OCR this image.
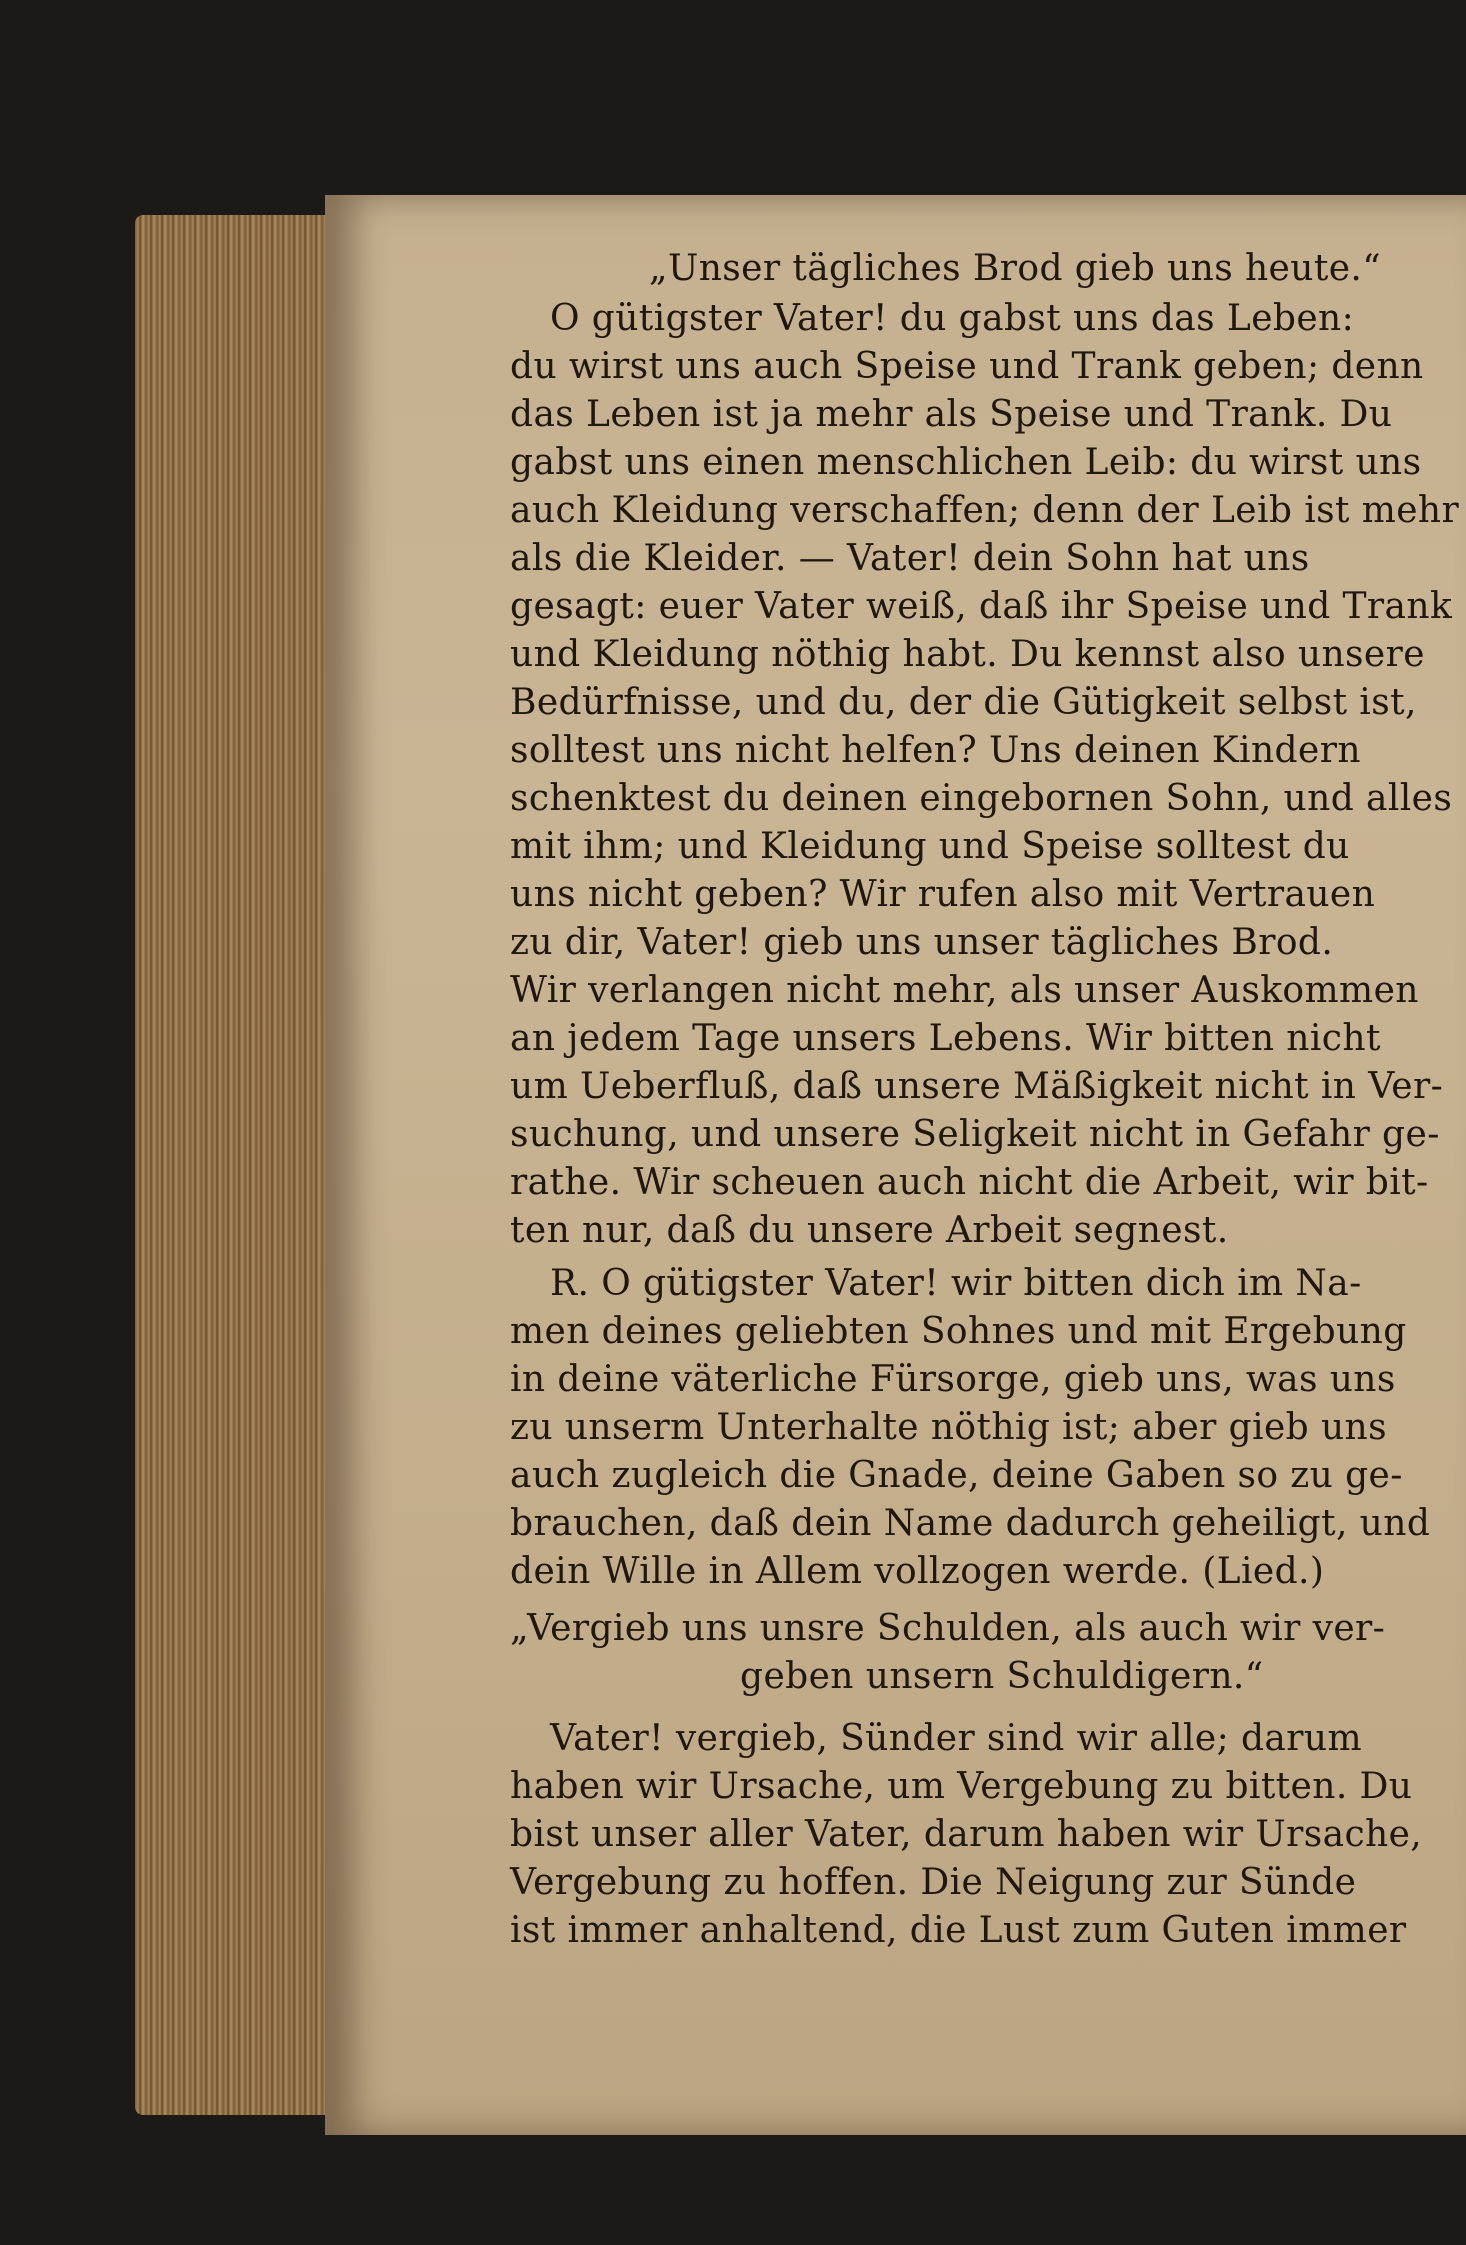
„Unser tägliches Brod gieb uns heute.“
O gütigster Vater! du gabst uns das Leben:
du wirst uns auch Speise und Trank geben; denn
das Leben ist ja mehr als Speise und Trank. Du
gabst uns einen menschlichen Leib: du wirst uns
auch Kleidung verschaffen; denn der Leib ist mehr
als die Kleider. — Vater! dein Sohn hat uns
gesagt: euer Vater weiß, daß ihr Speise und Trank
und Kleidung nöthig habt. Du kennst also unsere
Bedürfnisse, und du, der die Gütigkeit selbst ist,
solltest uns nicht helfen? Uns deinen Kindern
schenktest du deinen eingebornen Sohn, und alles
mit ihm; und Kleidung und Speise solltest du
uns nicht geben? Wir rufen also mit Vertrauen
zu dir, Vater! gieb uns unser tägliches Brod.
Wir verlangen nicht mehr, als unser Auskommen
an jedem Tage unsers Lebens. Wir bitten nicht
um Ueberfluß, daß unsere Mäßigkeit nicht in Ver-
suchung, und unsere Seligkeit nicht in Gefahr ge-
rathe. Wir scheuen auch nicht die Arbeit, wir bit-
ten nur, daß du unsere Arbeit segnest.
R. O gütigster Vater! wir bitten dich im Na-
men deines geliebten Sohnes und mit Ergebung
in deine väterliche Fürsorge, gieb uns, was uns
zu unserm Unterhalte nöthig ist; aber gieb uns
auch zugleich die Gnade, deine Gaben so zu ge-
brauchen, daß dein Name dadurch geheiligt, und
dein Wille in Allem vollzogen werde. (Lied.)
„Vergieb uns unsre Schulden, als auch wir ver-
geben unsern Schuldigern.“
Vater! vergieb, Sünder sind wir alle; darum
haben wir Ursache, um Vergebung zu bitten. Du
bist unser aller Vater, darum haben wir Ursache,
Vergebung zu hoffen. Die Neigung zur Sünde
ist immer anhaltend, die Lust zum Guten immer
